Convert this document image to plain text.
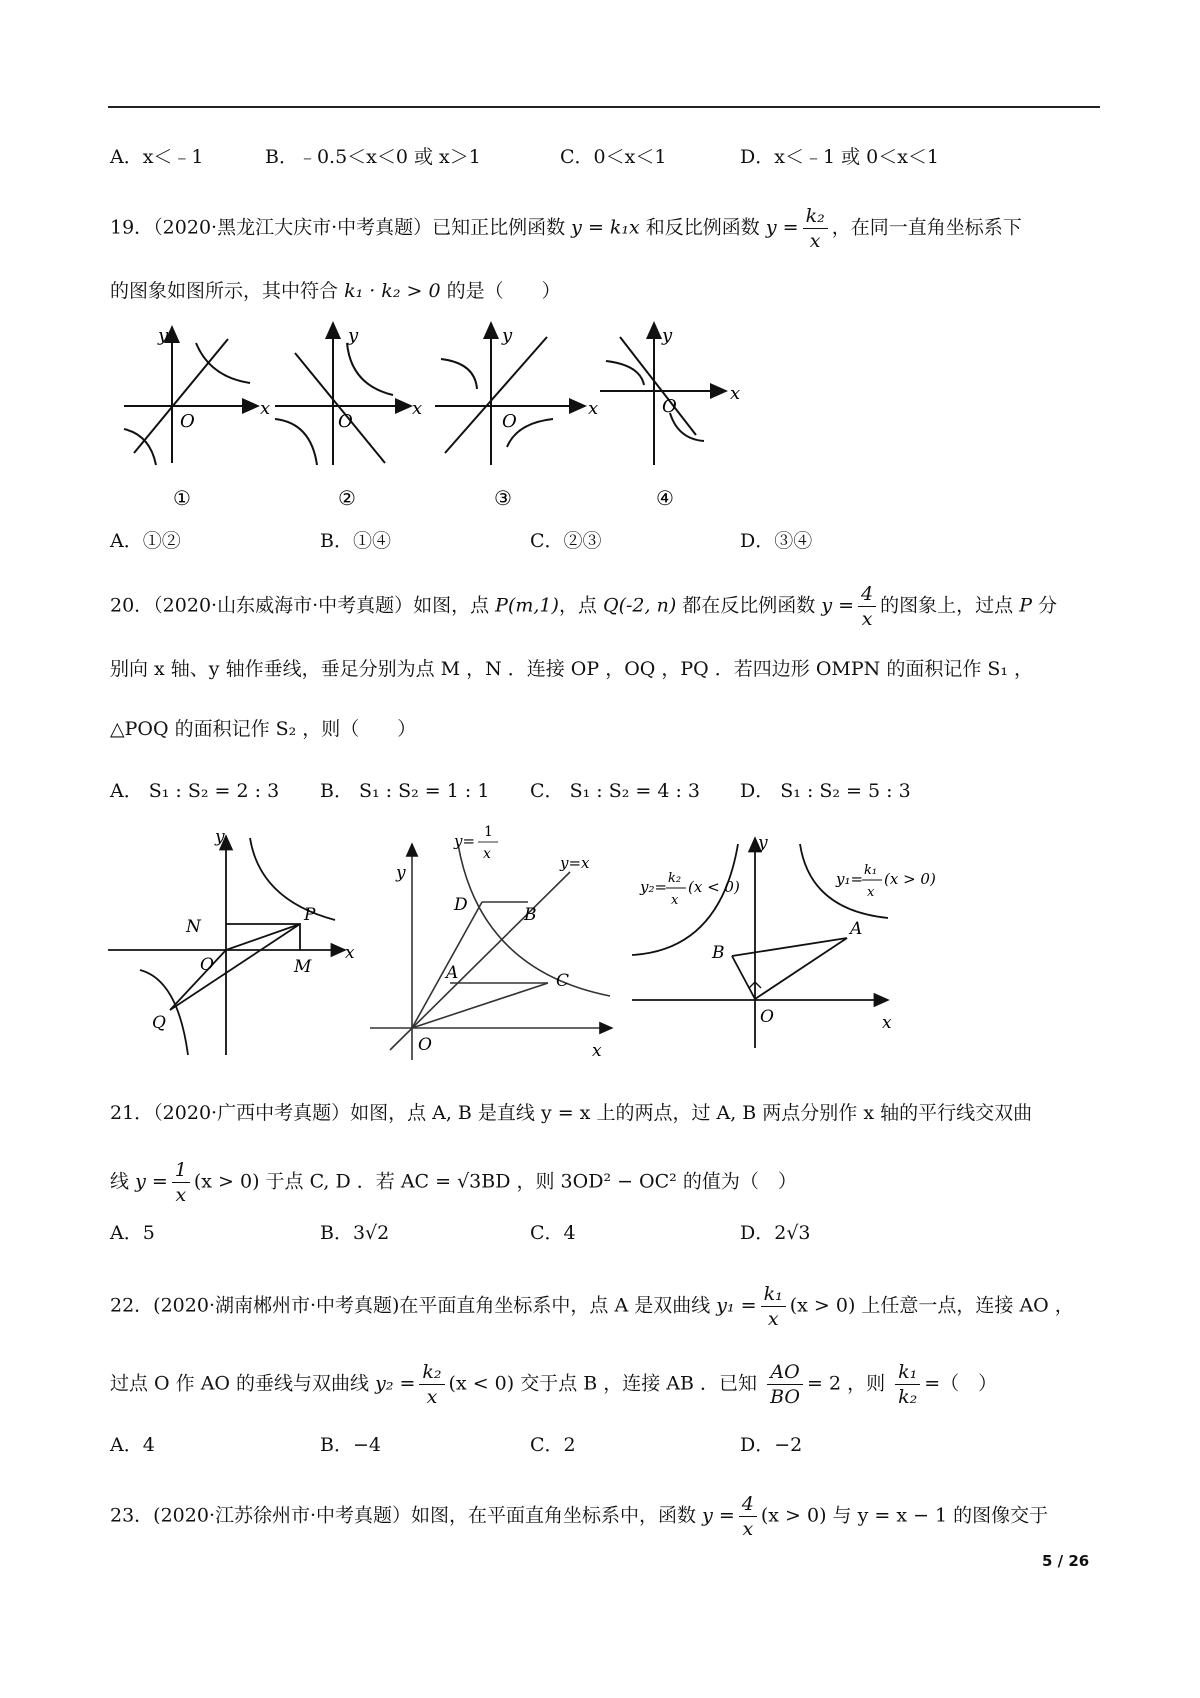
A．x＜﹣1	B．﹣0.5＜x＜0 或 x＞1	C．0＜x＜1	D．x＜﹣1 或 0＜x＜1
19．（2020·黑龙江大庆市·中考真题）已知正比例函数 y = k₁x 和反比例函数 $y = \frac{\text{k₂}}{x}$ ，在同一直角坐标系下
的图象如图所示，其中符合 k₁ · k₂ > 0 的是（　　）
y
x
O
①
y
x
O
②
y
x
O
③
y
x
O
④
A．①②	B．①④	C．②③	D．③④
20．（2020·山东威海市·中考真题）如图，点 P(m,1)，点 Q(-2, n) 都在反比例函数 $y = \frac{4}{x}$ 的图象上，过点 P 分
别向 x 轴、y 轴作垂线，垂足分别为点 M ，N ．连接 OP ，OQ ，PQ ．若四边形 OMPN 的面积记作 S₁ ，
△POQ 的面积记作 S₂ ，则（　　）
A． S₁ : S₂ = 2 : 3 B． S₁ : S₂ = 1 : 1 C． S₁ : S₂ = 4 : 3 D． S₁ : S₂ = 5 : 3
y
x
N
P
O	M
Q
y
x
O
D	B
A	C
y= 1
x	y=x
y
x
O
A
B
y₂= k₂
x
(x < 0)	y₁= k₁
x
(x > 0)
21．（2020·广西中考真题）如图，点 A, B 是直线 y = x 上的两点，过 A, B 两点分别作 x 轴的平行线交双曲
线 $y = \frac{1}{x} (x > 0)$ 于点 C, D ．若 AC = √3BD ，则 3OD² − OC² 的值为（　）
A．5	B．3√2	C．4	D．2√3
22．(2020·湖南郴州市·中考真题)在平面直角坐标系中，点 A 是双曲线 $y_1 = \frac{\text{k₁}}{x} (x > 0)$ 上任意一点，连接 AO ，
过点 O 作 AO 的垂线与双曲线 $y_2 = \frac{\text{k₂}}{x} (x < 0)$ 交于点 B ，连接 AB ．已知 $\frac{AO}{BO} = 2$ ，则 $\frac{\text{k₁}}{\text{k₂}}$ =（　）
A．4	B．−4	C．2	D．−2
23．(2020·江苏徐州市·中考真题）如图，在平面直角坐标系中，函数 $y = \frac{4}{x} (x > 0)$ 与 y = x − 1 的图像交于
5 / 26
